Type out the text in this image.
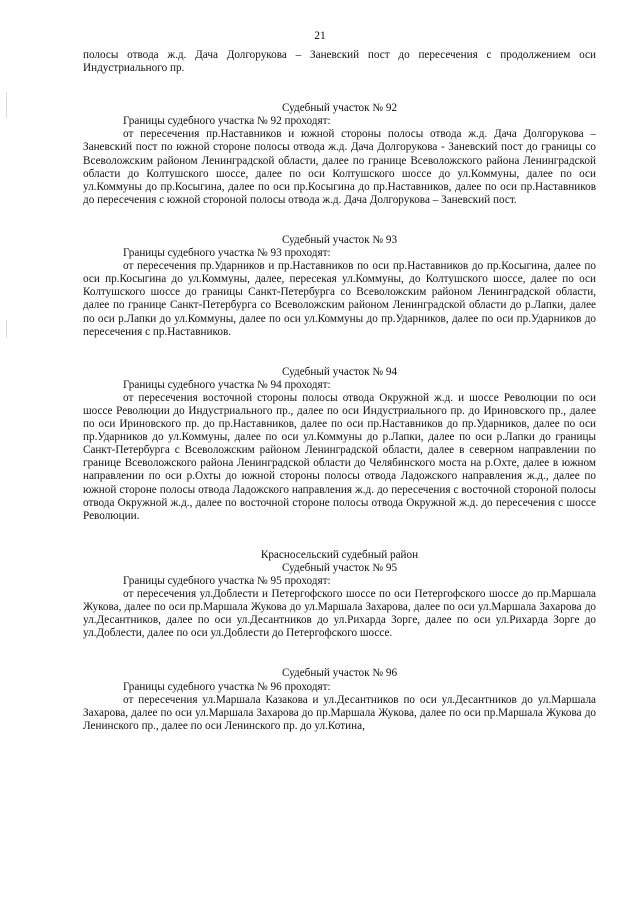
21

полосы отвода ж.д. Дача Долгорукова – Заневский пост до пересечения с продолжением оси Индустриального пр.

Судебный участок № 92

Границы судебного участка № 92 проходят:

от пересечения пр.Наставников и южной стороны полосы отвода ж.д. Дача Долгорукова – Заневский пост по южной стороне полосы отвода ж.д. Дача Долгорукова - Заневский пост до границы со Всеволожским районом Ленинградской области, далее по границе Всеволожского района Ленинградской области до Колтушского шоссе, далее по оси Колтушского шоссе до ул.Коммуны, далее по оси ул.Коммуны до пр.Косыгина, далее по оси пр.Косыгина до пр.Наставников, далее по оси пр.Наставников до пересечения с южной стороной полосы отвода ж.д. Дача Долгорукова – Заневский пост.

Судебный участок № 93

Границы судебного участка № 93 проходят:

от пересечения пр.Ударников и пр.Наставников по оси пр.Наставников до пр.Косыгина, далее по оси пр.Косыгина до ул.Коммуны, далее, пересекая ул.Коммуны, до Колтушского шоссе, далее по оси Колтушского шоссе до границы Санкт-Петербурга со Всеволожским районом Ленинградской области, далее по границе Санкт-Петербурга со Всеволожским районом Ленинградской области до р.Лапки, далее по оси р.Лапки до ул.Коммуны, далее по оси ул.Коммуны до пр.Ударников, далее по оси пр.Ударников до пересечения с пр.Наставников.

Судебный участок № 94

Границы судебного участка № 94 проходят:

от пересечения восточной стороны полосы отвода Окружной ж.д. и шоссе Революции по оси шоссе Революции до Индустриального пр., далее по оси Индустриального пр. до Ириновского пр., далее по оси Ириновского пр. до пр.Наставников, далее по оси пр.Наставников до пр.Ударников, далее по оси пр.Ударников до ул.Коммуны, далее по оси ул.Коммуны до р.Лапки, далее по оси р.Лапки до границы Санкт-Петербурга с Всеволожским районом Ленинградской области, далее в северном направлении по границе Всеволожского района Ленинградской области до Челябинского моста на р.Охте, далее в южном направлении по оси р.Охты до южной стороны полосы отвода Ладожского направления ж.д., далее по южной стороне полосы отвода Ладожского направления ж.д. до пересечения с восточной стороной полосы отвода Окружной ж.д., далее по восточной стороне полосы отвода Окружной ж.д. до пересечения с шоссе Революции.

Красносельский судебный район

Судебный участок № 95

Границы судебного участка № 95 проходят:

от пересечения ул.Доблести и Петергофского шоссе по оси Петергофского шоссе до пр.Маршала Жукова, далее по оси пр.Маршала Жукова до ул.Маршала Захарова, далее по оси ул.Маршала Захарова до ул.Десантников, далее по оси ул.Десантников до ул.Рихарда Зорге, далее по оси ул.Рихарда Зорге до ул.Доблести, далее по оси ул.Доблести до Петергофского шоссе.

Судебный участок № 96

Границы судебного участка № 96 проходят:

от пересечения ул.Маршала Казакова и ул.Десантников по оси ул.Десантников до ул.Маршала Захарова, далее по оси ул.Маршала Захарова до пр.Маршала Жукова, далее по оси пр.Маршала Жукова до Ленинского пр., далее по оси Ленинского пр. до ул.Котина,
